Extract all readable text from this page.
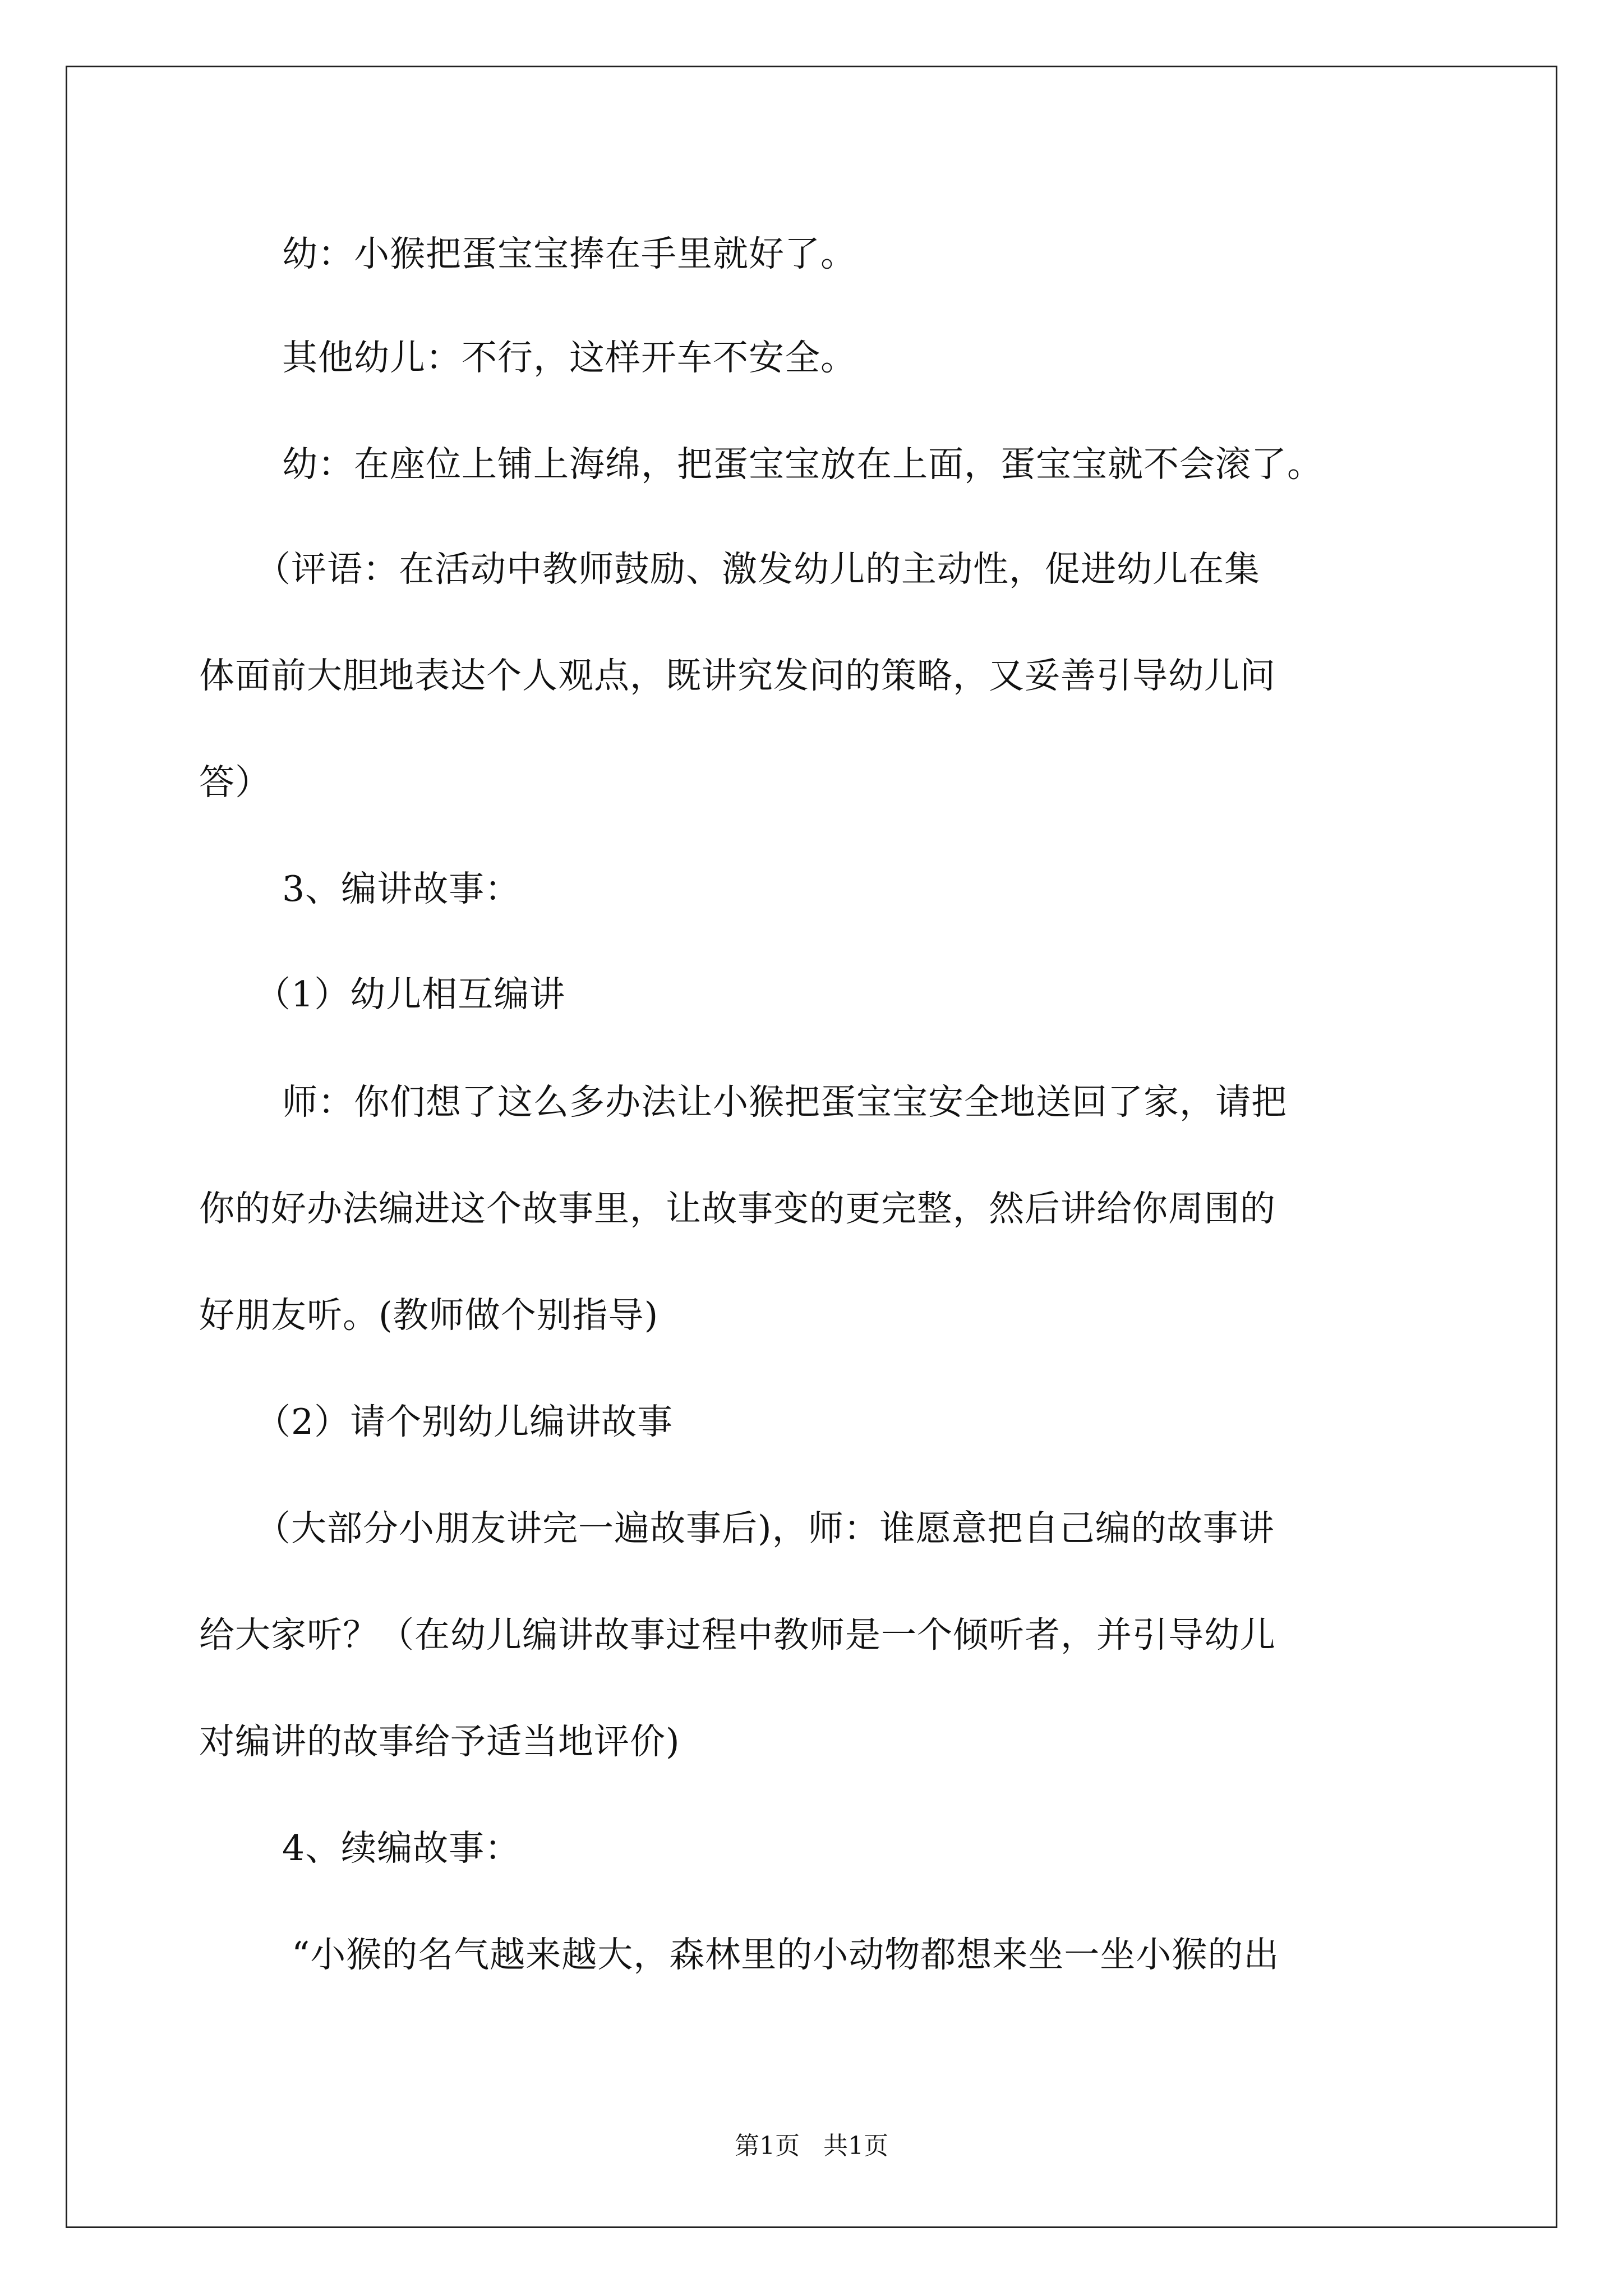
幼：小猴把蛋宝宝捧在手里就好了。
其他幼儿：不行，这样开车不安全。
幼：在座位上铺上海绵，把蛋宝宝放在上面，蛋宝宝就不会滚了。
（评语：在活动中教师鼓励、激发幼儿的主动性，促进幼儿在集
体面前大胆地表达个人观点，既讲究发问的策略，又妥善引导幼儿问
答）
3、编讲故事：
（1）幼儿相互编讲
师：你们想了这么多办法让小猴把蛋宝宝安全地送回了家，请把
你的好办法编进这个故事里，让故事变的更完整，然后讲给你周围的
好朋友听。(教师做个别指导)
（2）请个别幼儿编讲故事
（大部分小朋友讲完一遍故事后)，师：谁愿意把自己编的故事讲
给大家听？（在幼儿编讲故事过程中教师是一个倾听者，并引导幼儿
对编讲的故事给予适当地评价)
4、续编故事：
“小猴的名气越来越大，森林里的小动物都想来坐一坐小猴的出
第1页   共1页
